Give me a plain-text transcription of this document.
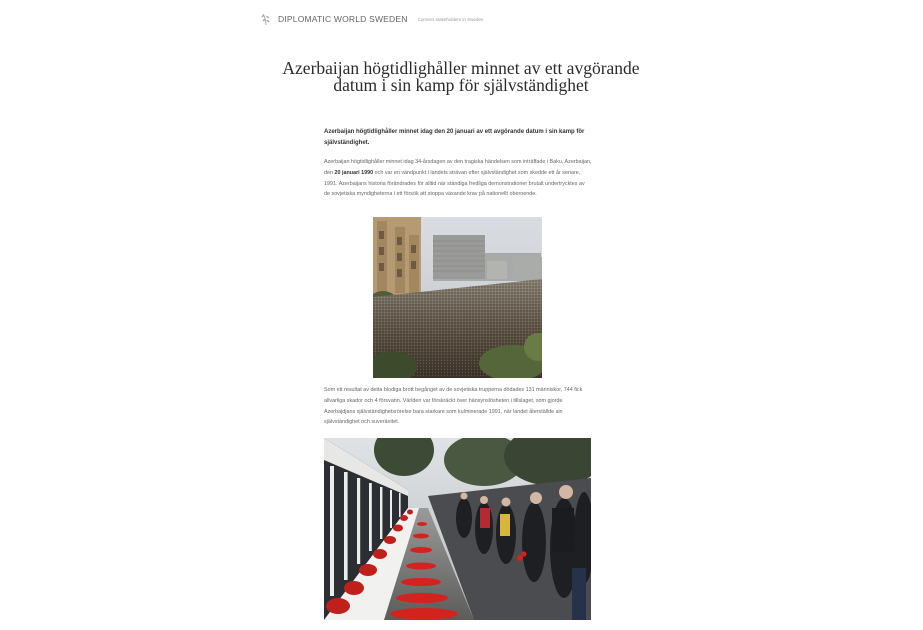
DIPLOMATIC WORLD SWEDEN Connect stakeholders in Sweden
Azerbaijan högtidlighåller minnet av ett avgörande datum i sin kamp för självständighet

Azerbaijan högtidlighåller minnet idag den 20 januari av ett avgörande datum i sin kamp för självständighet.

Azerbaijan högtidlighåller minnet idag 34-årsdagen av den tragiska händelsen som inträffade i Baku, Azerbaijan, den 20 januari 1990 och var en vändpunkt i landets strävan efter självständighet som skedde ett år senare, 1991. Azerbaijans historia förändrades för alltid när ständiga fredliga demonstrationer brutalt undertrycktes av de sovjetiska myndigheterna i ett försök att stoppa växande krav på nationellt oberoende.

Som ett resultat av detta blodiga brott begånget av de sovjetiska trupperna dödades 131 människor, 744 fick allvarliga skador och 4 försvann. Världen var förskräckt över hänsynslösheten i tillslaget, som gjorde Azerbajdjans självständighetsrörelse bara starkare som kulminerade 1991, när landet återställde sin självständighet och suveränitet.
